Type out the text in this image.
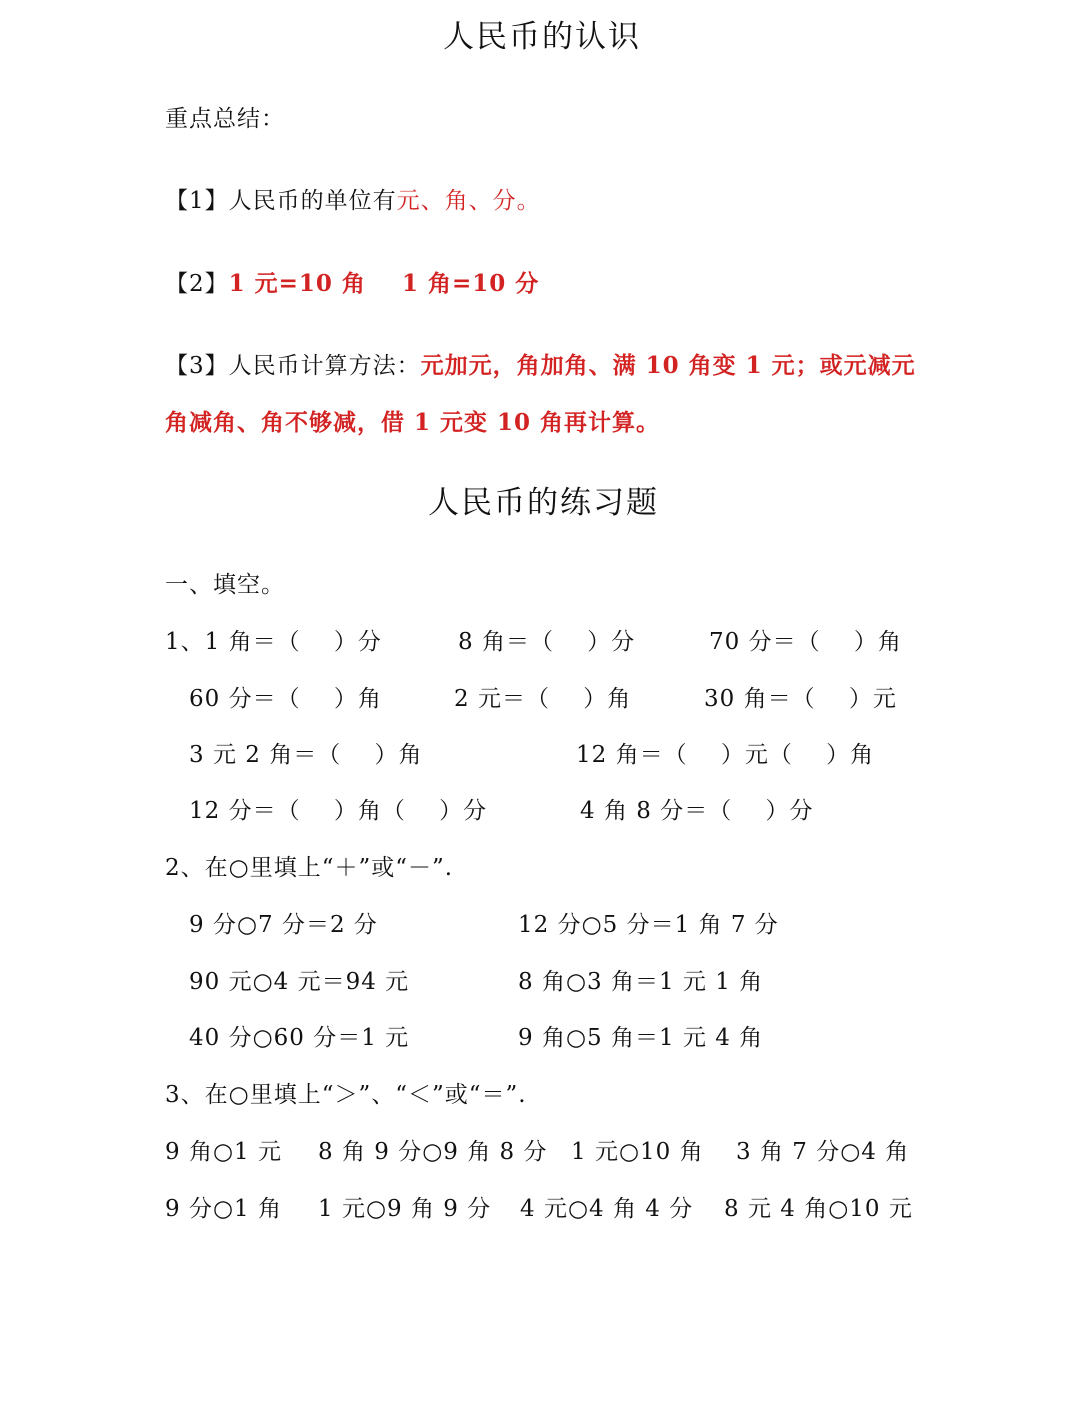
人民币的认识
重点总结：
【1】人民币的单位有元、角、分。
【2】1 元=10 角    1 角=10 分
【3】人民币计算方法：元加元，角加角、满 10 角变 1 元；或元减元
角减角、角不够减，借 1 元变 10 角再计算。
人民币的练习题
一、填空。
1、1 角＝（    ）分	8 角＝（    ）分	70 分＝（    ）角
60 分＝（    ）角	2 元＝（    ）角	30 角＝（    ）元
3 元 2 角＝（    ）角	12 角＝（    ）元（    ）角
12 分＝（    ）角（    ）分	4 角 8 分＝（    ）分
2、在○里填上“＋”或“－”.
9 分○7 分＝2 分	12 分○5 分＝1 角 7 分
90 元○4 元＝94 元	8 角○3 角＝1 元 1 角
40 分○60 分＝1 元	9 角○5 角＝1 元 4 角
3、在○里填上“＞”、“＜”或“＝”.
9 角○1 元 8 角 9 分○9 角 8 分 1 元○10 角 3 角 7 分○4 角
9 分○1 角 1 元○9 角 9 分 4 元○4 角 4 分 8 元 4 角○10 元
